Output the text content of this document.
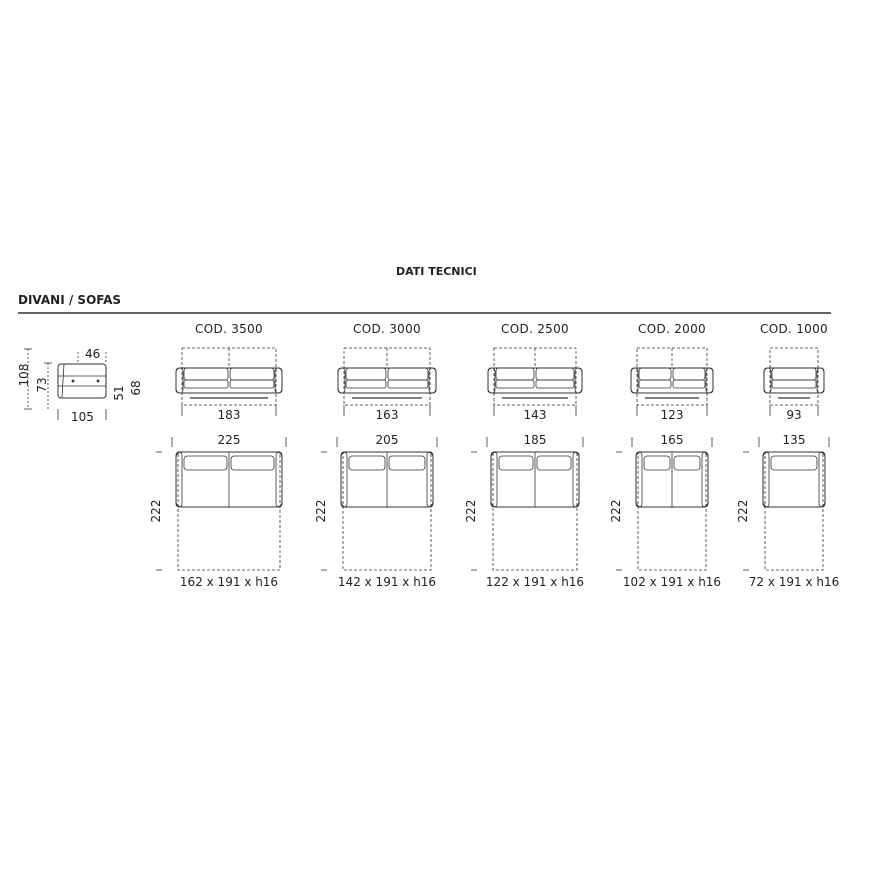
DATI TECNICI
DIVANI / SOFAS
108 73
46
51 68
105
COD. 3500
183
225
162 x 191 x h16
222
COD. 3000
163
205
142 x 191 x h16
222
COD. 2500
143
185
122 x 191 x h16
222
COD. 2000
123
165
102 x 191 x h16
222
COD. 1000
93
135
72 x 191 x h16
222
